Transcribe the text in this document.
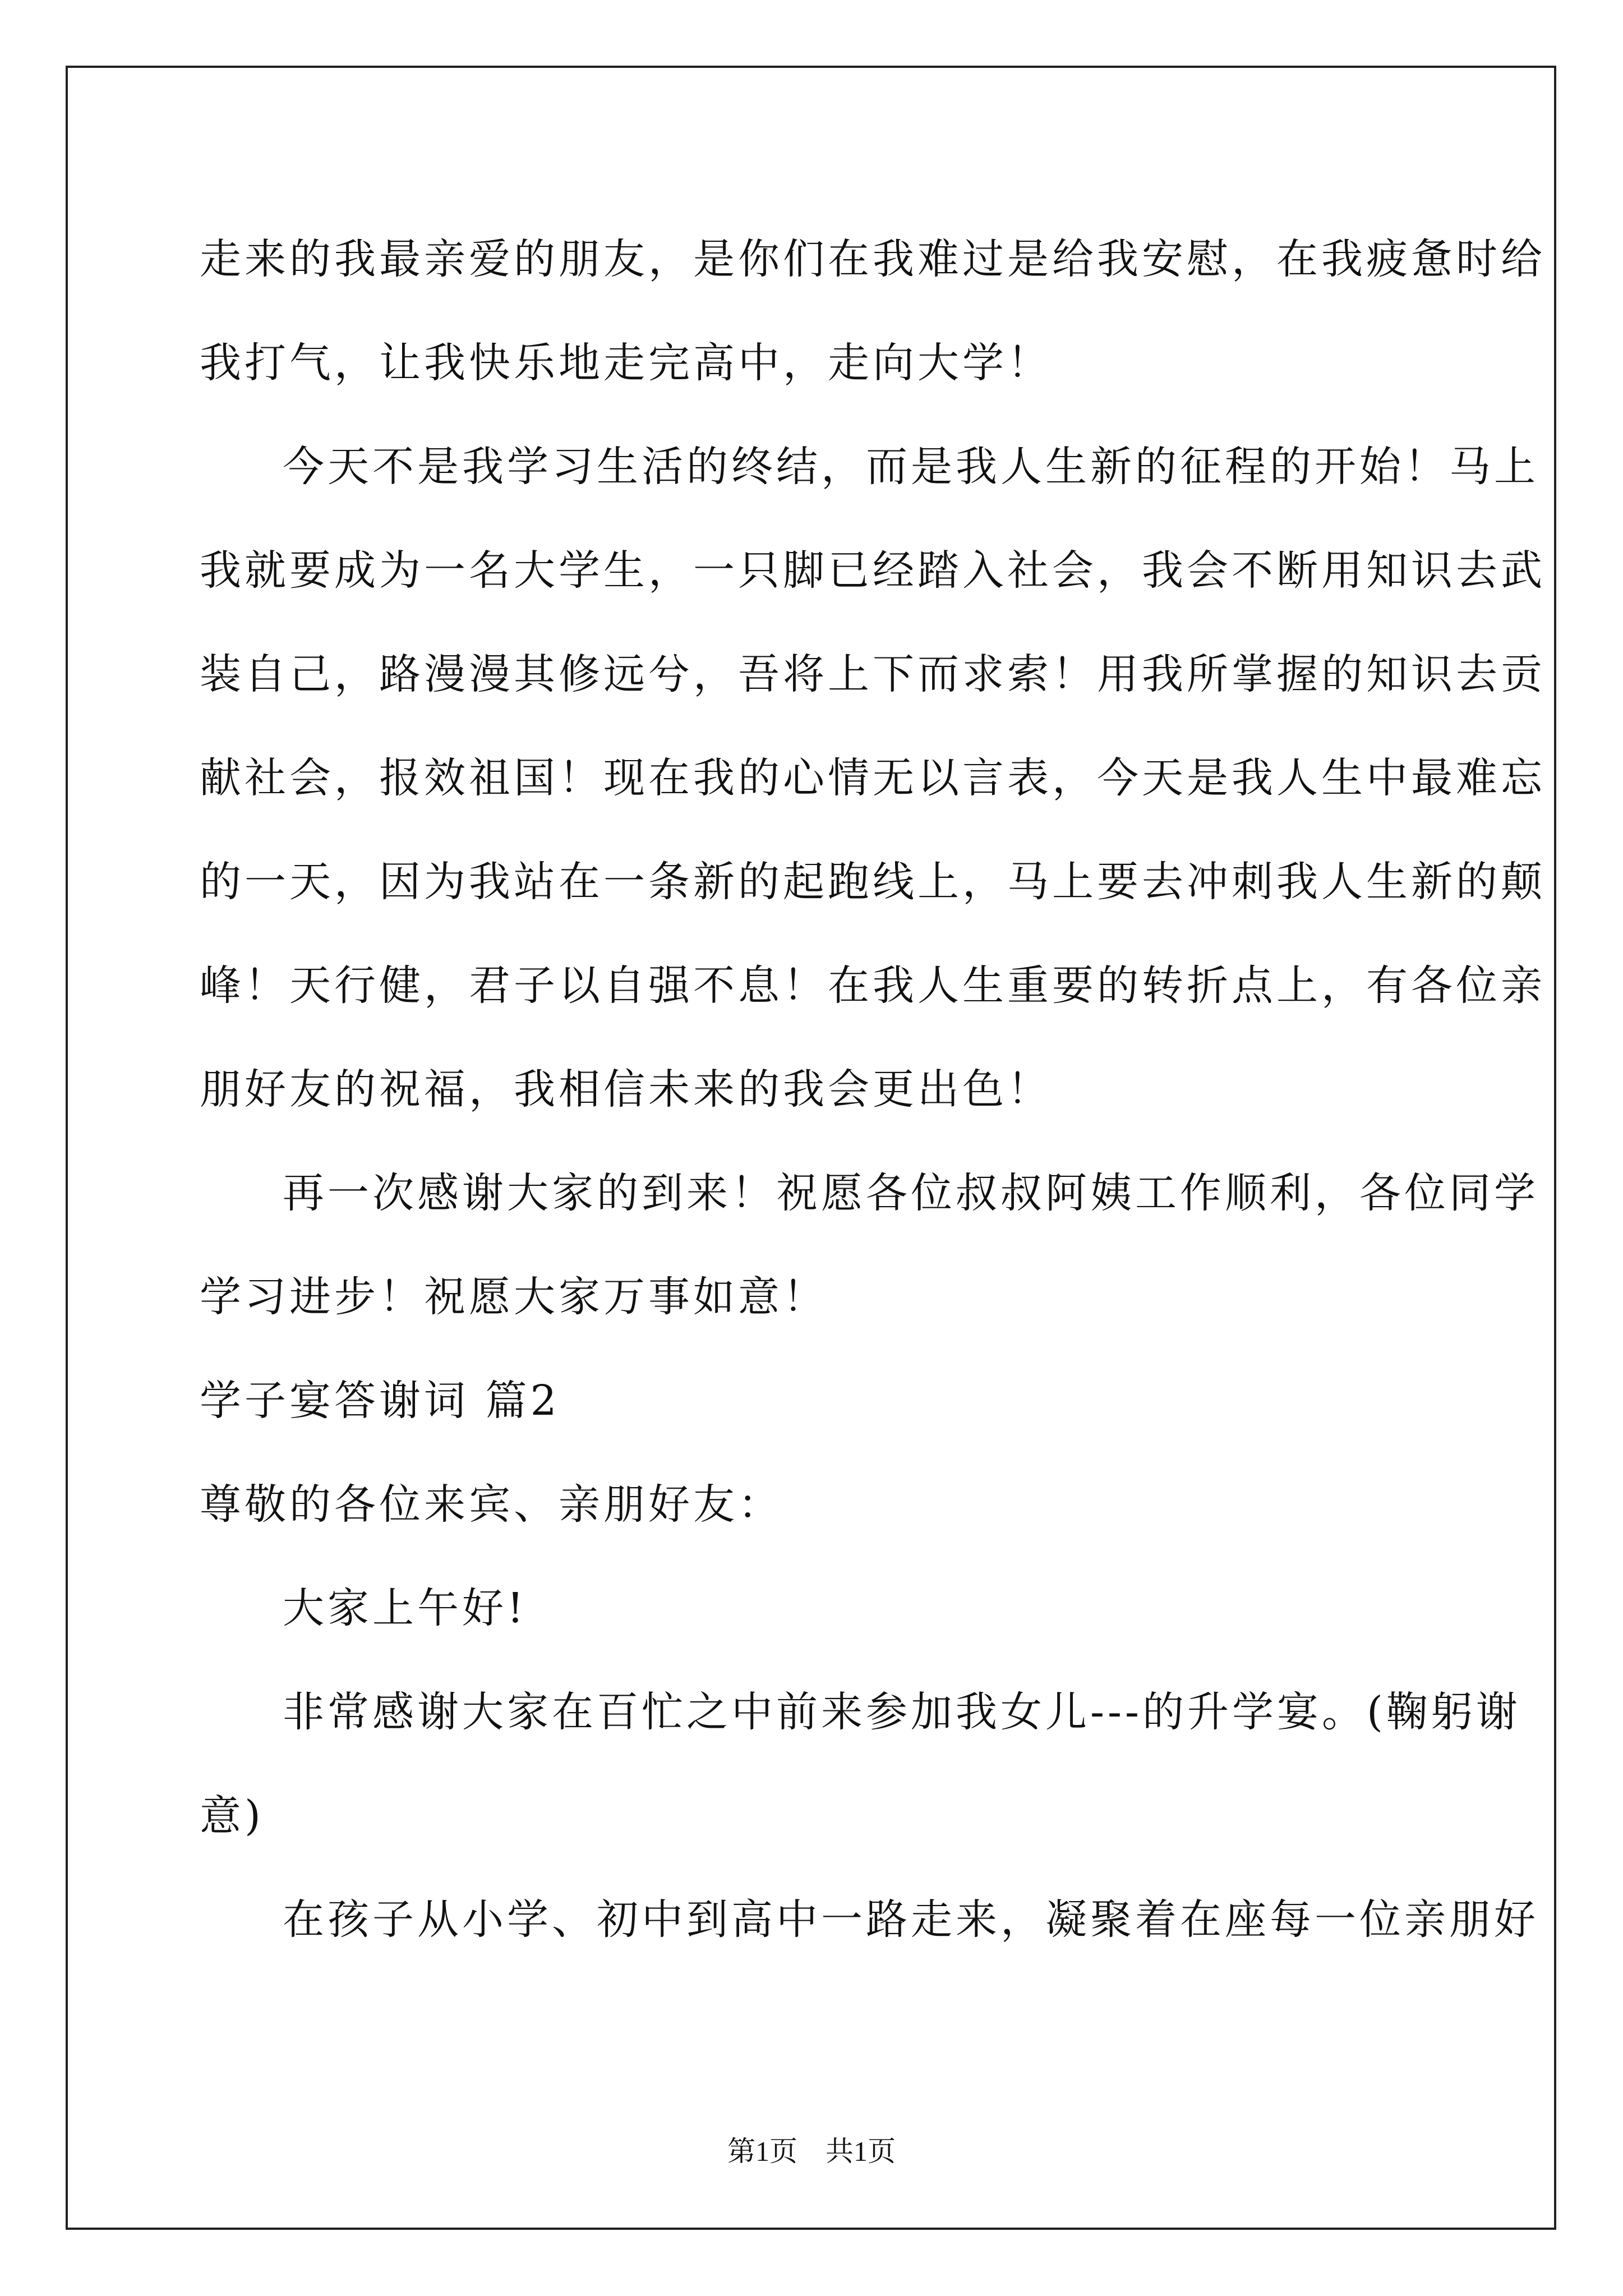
走来的我最亲爱的朋友，是你们在我难过是给我安慰，在我疲惫时给
我打气，让我快乐地走完高中，走向大学！
今天不是我学习生活的终结，而是我人生新的征程的开始！马上
我就要成为一名大学生，一只脚已经踏入社会，我会不断用知识去武
装自己，路漫漫其修远兮，吾将上下而求索！用我所掌握的知识去贡
献社会，报效祖国！现在我的心情无以言表，今天是我人生中最难忘
的一天，因为我站在一条新的起跑线上，马上要去冲刺我人生新的颠
峰！天行健，君子以自强不息！在我人生重要的转折点上，有各位亲
朋好友的祝福，我相信未来的我会更出色！
再一次感谢大家的到来！祝愿各位叔叔阿姨工作顺利，各位同学
学习进步！祝愿大家万事如意！
学子宴答谢词 篇2
尊敬的各位来宾、亲朋好友：
大家上午好!
非常感谢大家在百忙之中前来参加我女儿---的升学宴。(鞠躬谢
意)
在孩子从小学、初中到高中一路走来，凝聚着在座每一位亲朋好
第1页 共1页
